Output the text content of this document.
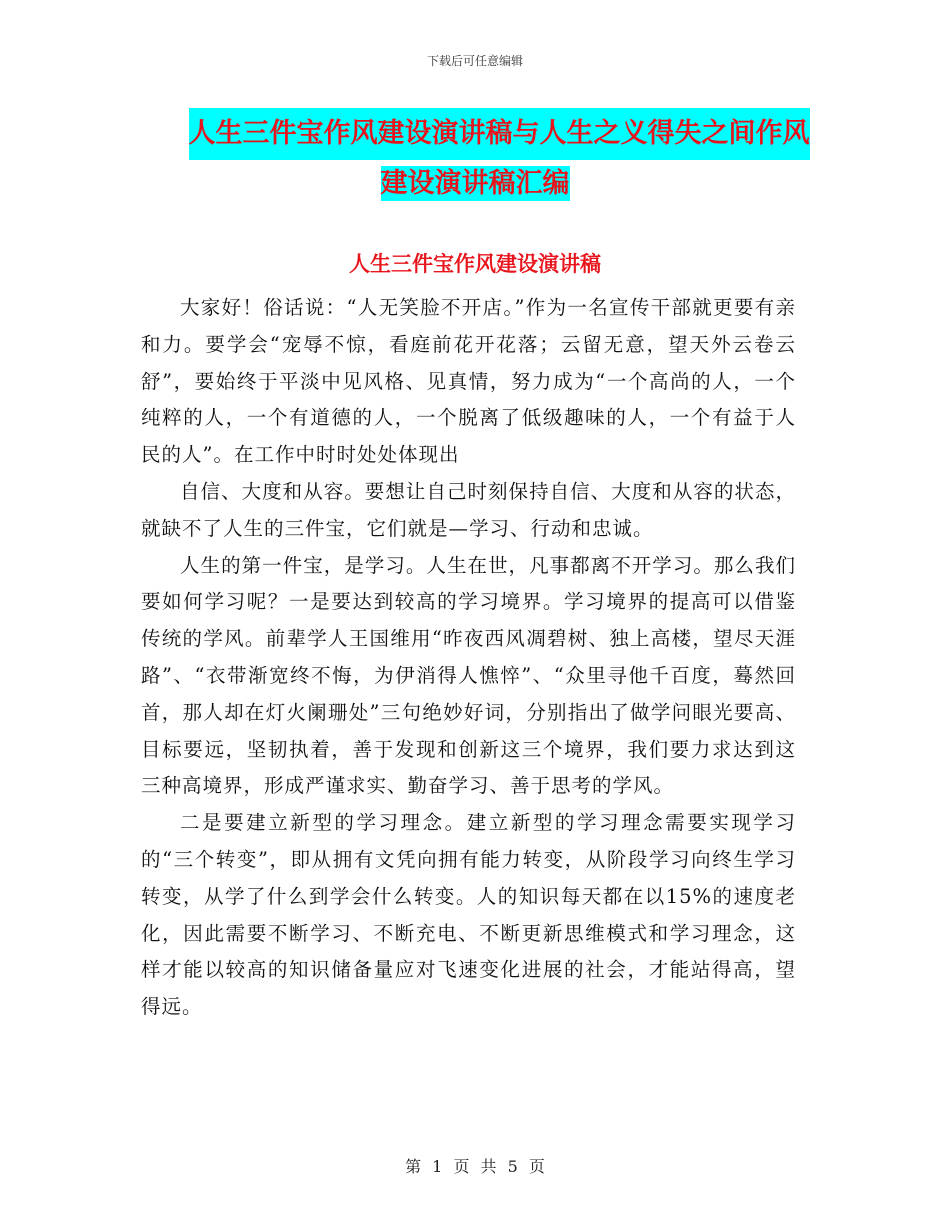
下载后可任意编辑
人生三件宝作风建设演讲稿与人生之义得失之间作风
建设演讲稿汇编
人生三件宝作风建设演讲稿

大家好！俗话说：“人无笑脸不开店。”作为一名宣传干部就更要有亲和力。要学会“宠辱不惊，看庭前花开花落；云留无意，望天外云卷云舒”，要始终于平淡中见风格、见真情，努力成为“一个高尚的人，一个纯粹的人，一个有道德的人，一个脱离了低级趣味的人，一个有益于人民的人”。在工作中时时处处体现出

自信、大度和从容。要想让自己时刻保持自信、大度和从容的状态，就缺不了人生的三件宝，它们就是—学习、行动和忠诚。

人生的第一件宝，是学习。人生在世，凡事都离不开学习。那么我们要如何学习呢？一是要达到较高的学习境界。学习境界的提高可以借鉴传统的学风。前辈学人王国维用“昨夜西风凋碧树、独上高楼，望尽天涯路”、“衣带渐宽终不悔，为伊消得人憔悴”、“众里寻他千百度，蓦然回首，那人却在灯火阑珊处”三句绝妙好词，分别指出了做学问眼光要高、目标要远，坚韧执着，善于发现和创新这三个境界，我们要力求达到这三种高境界，形成严谨求实、勤奋学习、善于思考的学风。

二是要建立新型的学习理念。建立新型的学习理念需要实现学习的“三个转变”，即从拥有文凭向拥有能力转变，从阶段学习向终生学习转变，从学了什么到学会什么转变。人的知识每天都在以15%的速度老化，因此需要不断学习、不断充电、不断更新思维模式和学习理念，这样才能以较高的知识储备量应对飞速变化进展的社会，才能站得高，望得远。

第 1 页 共 5 页
